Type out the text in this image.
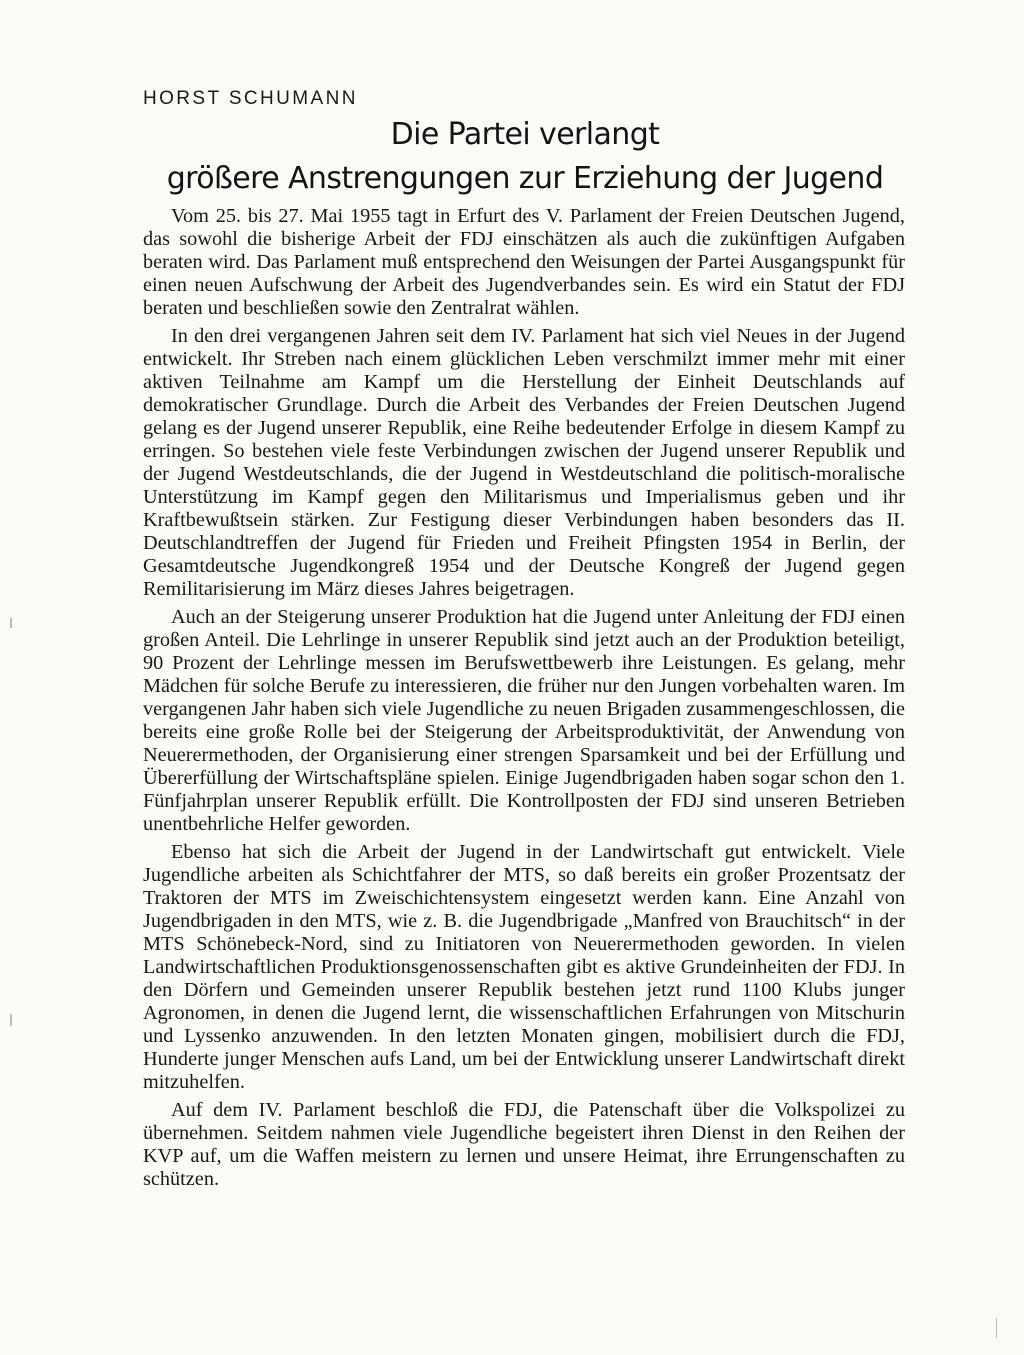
HORST SCHUMANN
Die Partei verlangt
größere Anstrengungen zur Erziehung der Jugend

Vom 25. bis 27. Mai 1955 tagt in Erfurt des V. Parlament der Freien Deutschen Jugend, das sowohl die bisherige Arbeit der FDJ einschätzen als auch die zukünftigen Aufgaben beraten wird. Das Parlament muß entsprechend den Weisungen der Partei Ausgangspunkt für einen neuen Aufschwung der Arbeit des Jugendverbandes sein. Es wird ein Statut der FDJ beraten und beschließen sowie den Zentralrat wählen.

In den drei vergangenen Jahren seit dem IV. Parlament hat sich viel Neues in der Jugend entwickelt. Ihr Streben nach einem glücklichen Leben verschmilzt immer mehr mit einer aktiven Teilnahme am Kampf um die Herstellung der Einheit Deutschlands auf demokratischer Grundlage. Durch die Arbeit des Verbandes der Freien Deutschen Jugend gelang es der Jugend unserer Republik, eine Reihe bedeutender Erfolge in diesem Kampf zu erringen. So bestehen viele feste Verbindungen zwischen der Jugend unserer Republik und der Jugend Westdeutschlands, die der Jugend in Westdeutschland die politisch-moralische Unterstützung im Kampf gegen den Militarismus und Imperialismus geben und ihr Kraftbewußtsein stärken. Zur Festigung dieser Verbindungen haben besonders das II. Deutschlandtreffen der Jugend für Frieden und Freiheit Pfingsten 1954 in Berlin, der Gesamtdeutsche Jugendkongreß 1954 und der Deutsche Kongreß der Jugend gegen Remilitarisierung im März dieses Jahres beigetragen.

Auch an der Steigerung unserer Produktion hat die Jugend unter Anleitung der FDJ einen großen Anteil. Die Lehrlinge in unserer Republik sind jetzt auch an der Produktion beteiligt, 90 Prozent der Lehrlinge messen im Berufswettbewerb ihre Leistungen. Es gelang, mehr Mädchen für solche Berufe zu interessieren, die früher nur den Jungen vorbehalten waren. Im vergangenen Jahr haben sich viele Jugendliche zu neuen Brigaden zusammengeschlossen, die bereits eine große Rolle bei der Steigerung der Arbeitsproduktivität, der Anwendung von Neuerermethoden, der Organisierung einer strengen Sparsamkeit und bei der Erfüllung und Übererfüllung der Wirtschaftspläne spielen. Einige Jugendbrigaden haben sogar schon den 1. Fünfjahrplan unserer Republik erfüllt. Die Kontrollposten der FDJ sind unseren Betrieben unentbehrliche Helfer geworden.

Ebenso hat sich die Arbeit der Jugend in der Landwirtschaft gut entwickelt. Viele Jugendliche arbeiten als Schichtfahrer der MTS, so daß bereits ein großer Prozentsatz der Traktoren der MTS im Zweischichtensystem eingesetzt werden kann. Eine Anzahl von Jugendbrigaden in den MTS, wie z. B. die Jugendbrigade „Manfred von Brauchitsch“ in der MTS Schönebeck-Nord, sind zu Initiatoren von Neuerermethoden geworden. In vielen Landwirtschaftlichen Produktionsgenossenschaften gibt es aktive Grundeinheiten der FDJ. In den Dörfern und Gemeinden unserer Republik bestehen jetzt rund 1100 Klubs junger Agronomen, in denen die Jugend lernt, die wissenschaftlichen Erfahrungen von Mitschurin und Lyssenko anzuwenden. In den letzten Monaten gingen, mobilisiert durch die FDJ, Hunderte junger Menschen aufs Land, um bei der Entwicklung unserer Landwirtschaft direkt mitzuhelfen.

Auf dem IV. Parlament beschloß die FDJ, die Patenschaft über die Volkspolizei zu übernehmen. Seitdem nahmen viele Jugendliche begeistert ihren Dienst in den Reihen der KVP auf, um die Waffen meistern zu lernen und unsere Heimat, ihre Errungenschaften zu schützen.
